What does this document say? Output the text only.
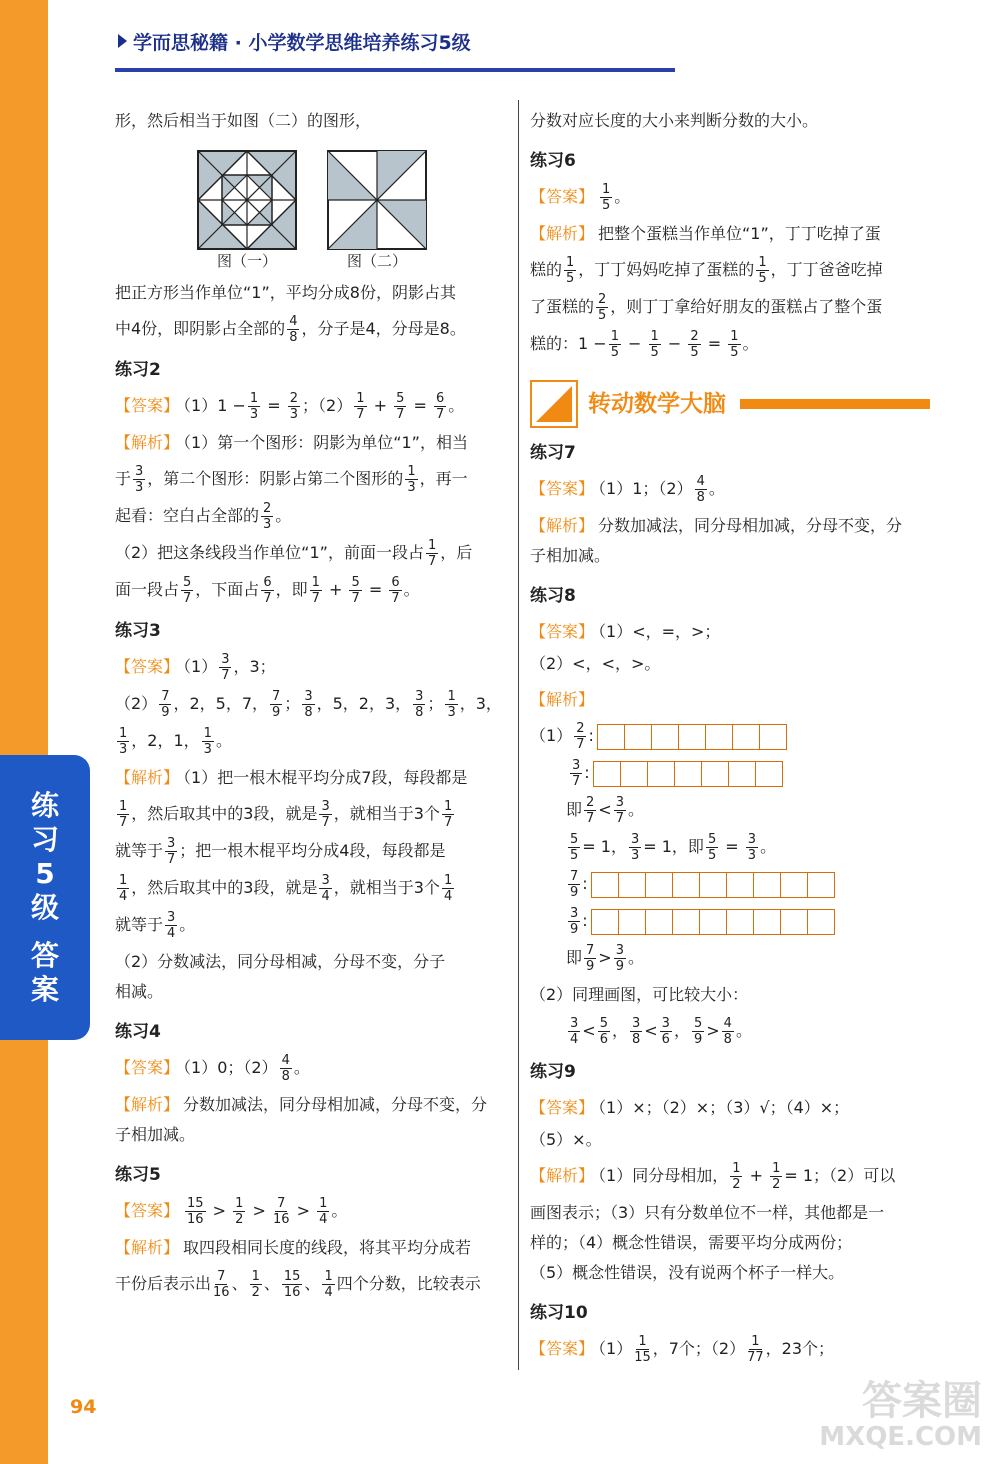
练
习
5
级
答
案
学而思秘籍 · 小学数学思维培养练习5级
形，然后相当于如图（二）的图形，
图（一）	图（二）
把正方形当作单位“1”，平均分成8份，阴影占其
中4份，即阴影占全部的 $\frac{4}{8}$ ，分子是4，分母是8。
练习2
【答案】 $(1)1 - \frac{1}{3} = \frac{2}{3}$ ；$(2) \frac{1}{7} + \frac{5}{7} = \frac{6}{7}$ 。
【解析】 （1）第一个图形：阴影为单位“1”，相当
于 $\frac{3}{3}$ ，第二个图形：阴影占第二个图形的 $\frac{1}{3}$ ，再一
起看：空白占全部的 $\frac{2}{3}$ 。
（2）把这条线段当作单位“1”，前面一段占 $\frac{1}{7}$ ，后
面一段占 $\frac{5}{7}$ ，下面占 $\frac{6}{7}$ ，即 $\frac{1}{7} + \frac{5}{7} = \frac{6}{7}$ 。
练习3
【答案】 $(1) \frac{3}{7}$ ，3；
$(2) \frac{7}{9}$ ，2，5，7， $\frac{7}{9}$ ； $\frac{3}{8}$ ，5，2，3， $\frac{3}{8}$ ； $\frac{1}{3}$ ，3，
$\frac{1}{3}$ ，2，1， $\frac{1}{3}$ 。
【解析】 （1）把一根木棍平均分成7段，每段都是
$\frac{1}{7}$ ，然后取其中的3段，就是 $\frac{3}{7}$ ，就相当于3个 $\frac{1}{7}$
就等于 $\frac{3}{7}$ ；把一根木棍平均分成4段，每段都是
$\frac{1}{4}$ ，然后取其中的3段，就是 $\frac{3}{4}$ ，就相当于3个 $\frac{1}{4}$
就等于 $\frac{3}{4}$ 。
（2）分数减法，同分母相减，分母不变，分子
相减。
练习4
【答案】 （1）0；$(2) \frac{4}{8}$ 。
【解析】 分数加减法，同分母相加减，分母不变，分
子相加减。
练习5
【答案】 $\frac{15}{16} > \frac{1}{2} > \frac{7}{16} > \frac{1}{4}$ 。
【解析】 取四段相同长度的线段，将其平均分成若
干份后表示出 $\frac{7}{16}$ 、 $\frac{1}{2}$ 、 $\frac{15}{16}$ 、 $\frac{1}{4}$ 四个分数，比较表示
分数对应长度的大小来判断分数的大小。
练习6
【答案】 $\frac{1}{5}$ 。
【解析】 把整个蛋糕当作单位“1”，丁丁吃掉了蛋
糕的 $\frac{1}{5}$ ，丁丁妈妈吃掉了蛋糕的 $\frac{1}{5}$ ，丁丁爸爸吃掉
了蛋糕的 $\frac{2}{5}$ ，则丁丁拿给好朋友的蛋糕占了整个蛋
糕的：$1 - \frac{1}{5} - \frac{1}{5} - \frac{2}{5} = \frac{1}{5}$ 。
转动数学大脑
练习7
【答案】 （1）1；$(2) \frac{4}{8}$ 。
【解析】 分数加减法，同分母相加减，分母不变，分
子相加减。
练习8
【答案】 （1）<，=，>；
（2）<，<，>。
【解析】
$(1) \frac{2}{7}$ :
$\frac{3}{7}$ :
即 $\frac{2}{7} < \frac{3}{7}$ 。
$\frac{5}{5} = 1$， $\frac{3}{3} = 1$，即 $\frac{5}{5} = \frac{3}{3}$ 。
$\frac{7}{9}$ :
$\frac{3}{9}$ :
即 $\frac{7}{9} > \frac{3}{9}$ 。
（2）同理画图，可比较大小：
$\frac{3}{4} < \frac{5}{6}$ ， $\frac{3}{8} < \frac{3}{6}$ ， $\frac{5}{9} > \frac{4}{8}$ 。
练习9
【答案】 （1）×；（2）×；（3）√；（4）×；
（5）×。
【解析】 （1）同分母相加， $\frac{1}{2} + \frac{1}{2} = 1$；（2）可以
画图表示；（3）只有分数单位不一样，其他都是一
样的；（4）概念性错误，需要平均分成两份；
（5）概念性错误，没有说两个杯子一样大。
练习10
【答案】 $(1) \frac{1}{15}$ ，7个；$(2) \frac{1}{77}$ ，23个；
94	答案圈
MXQE.COM
